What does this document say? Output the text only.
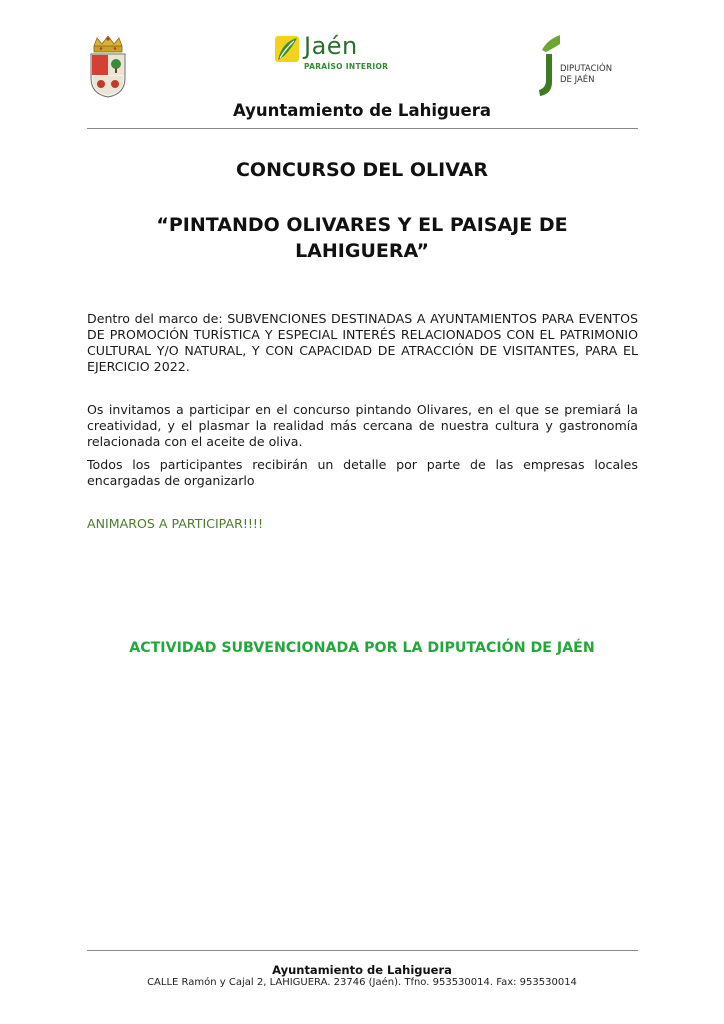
Jaén
PARAÍSO INTERIOR	DIPUTACIÓN
DE JAÉN
Ayuntamiento de Lahiguera
CONCURSO DEL OLIVAR
“PINTANDO OLIVARES Y EL PAISAJE DE LAHIGUERA”
Dentro del marco de: SUBVENCIONES DESTINADAS A AYUNTAMIENTOS PARA EVENTOS DE PROMOCIÓN TURÍSTICA Y ESPECIAL INTERÉS RELACIONADOS CON EL PATRIMONIO CULTURAL Y/O NATURAL, Y CON CAPACIDAD DE ATRACCIÓN DE VISITANTES, PARA EL EJERCICIO 2022.
Os invitamos a participar en el concurso pintando Olivares, en el que se premiará la creatividad, y el plasmar la realidad más cercana de nuestra cultura y gastronomía relacionada con el aceite de oliva.
Todos los participantes recibirán un detalle por parte de las empresas locales encargadas de organizarlo
ANIMAROS A PARTICIPAR!!!!
ACTIVIDAD SUBVENCIONADA POR LA DIPUTACIÓN DE JAÉN
Ayuntamiento de Lahiguera
CALLE Ramón y Cajal 2, LAHIGUERA. 23746 (Jaén). Tfno. 953530014. Fax: 953530014
